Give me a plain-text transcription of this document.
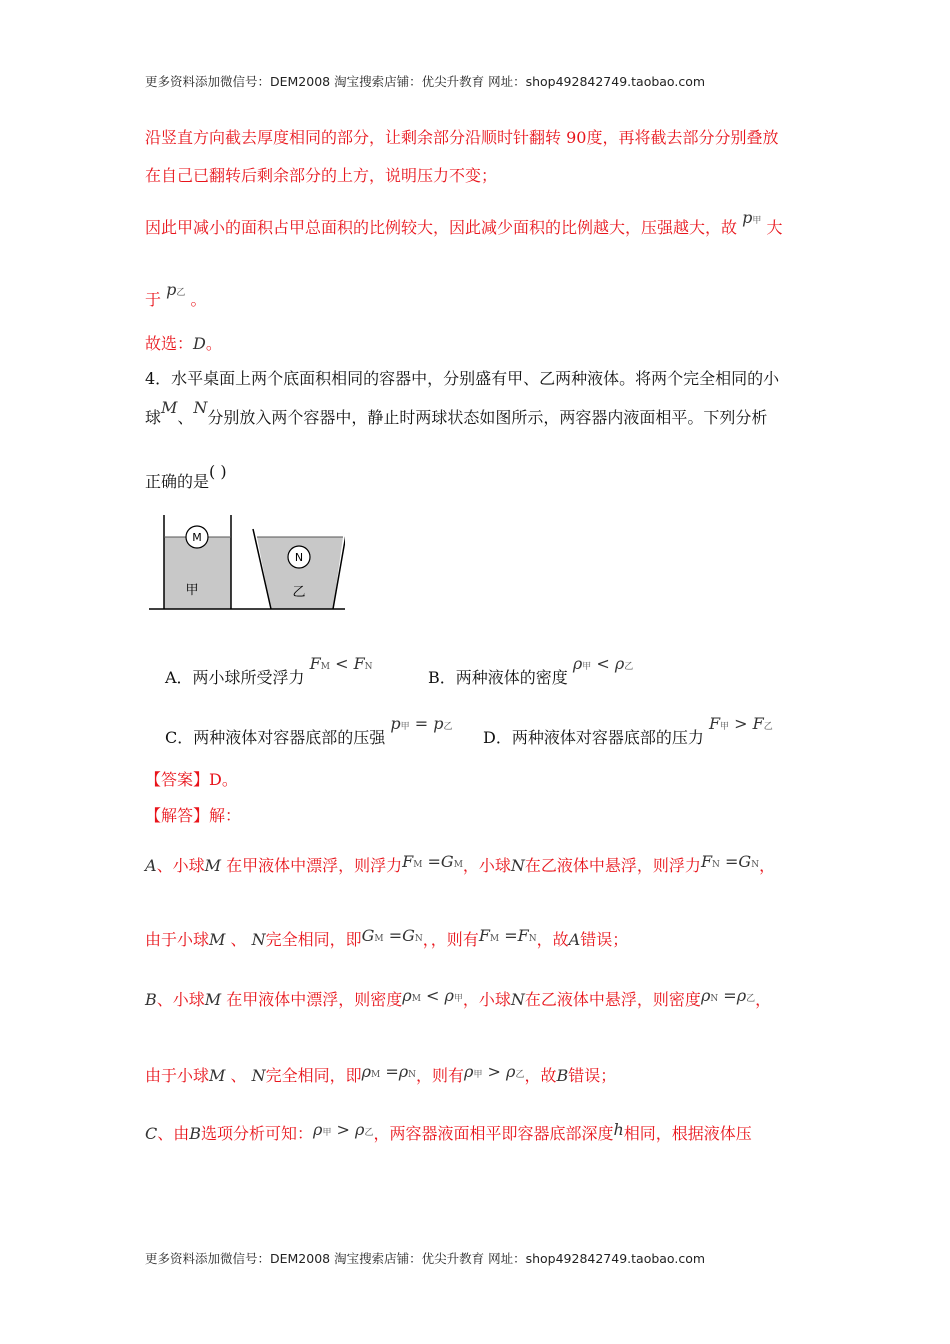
更多资料添加微信号：DEM2008 淘宝搜索店铺：优尖升教育 网址：shop492842749.taobao.com
沿竖直方向截去厚度相同的部分，让剩余部分沿顺时针翻转 90度，再将截去部分分别叠放
在自己已翻转后剩余部分的上方，说明压力不变；
因此甲减小的面积占甲总面积的比例较大，因此减少面积的比例越大，压强越大，故 p甲 大
于 p乙 。
故选：D。
4．水平桌面上两个底面积相同的容器中，分别盛有甲、乙两种液体。将两个完全相同的小
球M、N分别放入两个容器中，静止时两球状态如图所示，两容器内液面相平。下列分析
正确的是( )
M
N
甲	乙
A．两小球所受浮力 FM < FN
B．两种液体的密度 ρ甲 < ρ乙
C．两种液体对容器底部的压强 p甲 = p乙
D．两种液体对容器底部的压力 F甲 > F乙
【答案】D。
【解答】解：
A、小球M 在甲液体中漂浮，则浮力FM =GM，小球N在乙液体中悬浮，则浮力FN =GN，
由于小球M 、 N完全相同，即GM =GN，，则有FM =FN，故A错误；
B、小球M 在甲液体中漂浮，则密度ρM < ρ甲，小球N在乙液体中悬浮，则密度ρN =ρ乙，
由于小球M 、 N完全相同，即ρM =ρN，则有ρ甲 > ρ乙，故B错误；
C、由B选项分析可知：ρ甲 > ρ乙，两容器液面相平即容器底部深度h相同，根据液体压
更多资料添加微信号：DEM2008 淘宝搜索店铺：优尖升教育 网址：shop492842749.taobao.com
